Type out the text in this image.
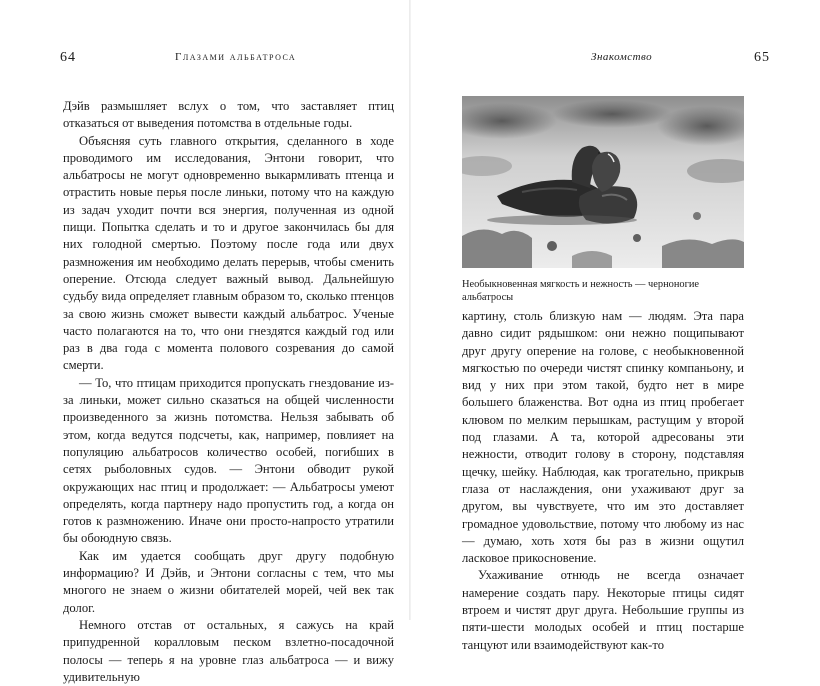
64	Глазами альбатроса

Дэйв размышляет вслух о том, что заставляет птиц отказаться от выведения потомства в отдельные годы.

Объясняя суть главного открытия, сделанного в ходе проводимого им исследования, Энтони говорит, что альбатросы не могут одновременно выкармливать птенца и отрастить новые перья после линьки, потому что на каждую из задач уходит почти вся энергия, полученная из одной пищи. Попытка сделать и то и другое закончилась бы для них голодной смертью. Поэтому после года или двух размножения им необходимо делать перерыв, чтобы сменить оперение. Отсюда следует важный вывод. Дальнейшую судьбу вида определяет главным образом то, сколько птенцов за свою жизнь сможет вывести каждый альбатрос. Ученые часто полагаются на то, что они гнездятся каждый год или раз в два года с момента полового созревания до самой смерти.

— То, что птицам приходится пропускать гнездование из-за линьки, может сильно сказаться на общей численности произведенного за жизнь потомства. Нельзя забывать об этом, когда ведутся подсчеты, как, например, повлияет на популяцию альбатросов количество особей, погибших в сетях рыболовных судов. — Энтони обводит рукой окружающих нас птиц и продолжает: — Альбатросы умеют определять, когда партнеру надо пропустить год, а когда он готов к размножению. Иначе они просто-напросто утратили бы обоюдную связь.

Как им удается сообщать друг другу подобную информацию? И Дэйв, и Энтони согласны с тем, что мы многого не знаем о жизни обитателей морей, чей век так долог.

Немного отстав от остальных, я сажусь на край припудренной коралловым песком взлетно-посадочной полосы — теперь я на уровне глаз альбатроса — и вижу удивительную

Знакомство	65
Необыкновенная мягкость и нежность — черноногие альбатросы

картину, столь близкую нам — людям. Эта пара давно сидит рядышком: они нежно пощипывают друг другу оперение на голове, с необыкновенной мягкостью по очереди чистят спинку компаньону, и вид у них при этом такой, будто нет в мире большего блаженства. Вот одна из птиц пробегает клювом по мелким перышкам, растущим у второй под глазами. А та, которой адресованы эти нежности, отводит голову в сторону, подставляя щечку, шейку. Наблюдая, как трогательно, прикрыв глаза от наслаждения, они ухаживают друг за другом, вы чувствуете, что им это доставляет громадное удовольствие, потому что любому из нас — думаю, хоть хотя бы раз в жизни ощутил ласковое прикосновение.

Ухаживание отнюдь не всегда означает намерение создать пару. Некоторые птицы сидят втроем и чистят друг друга. Небольшие группы из пяти-шести молодых особей и птиц постарше танцуют или взаимодействуют как-то
